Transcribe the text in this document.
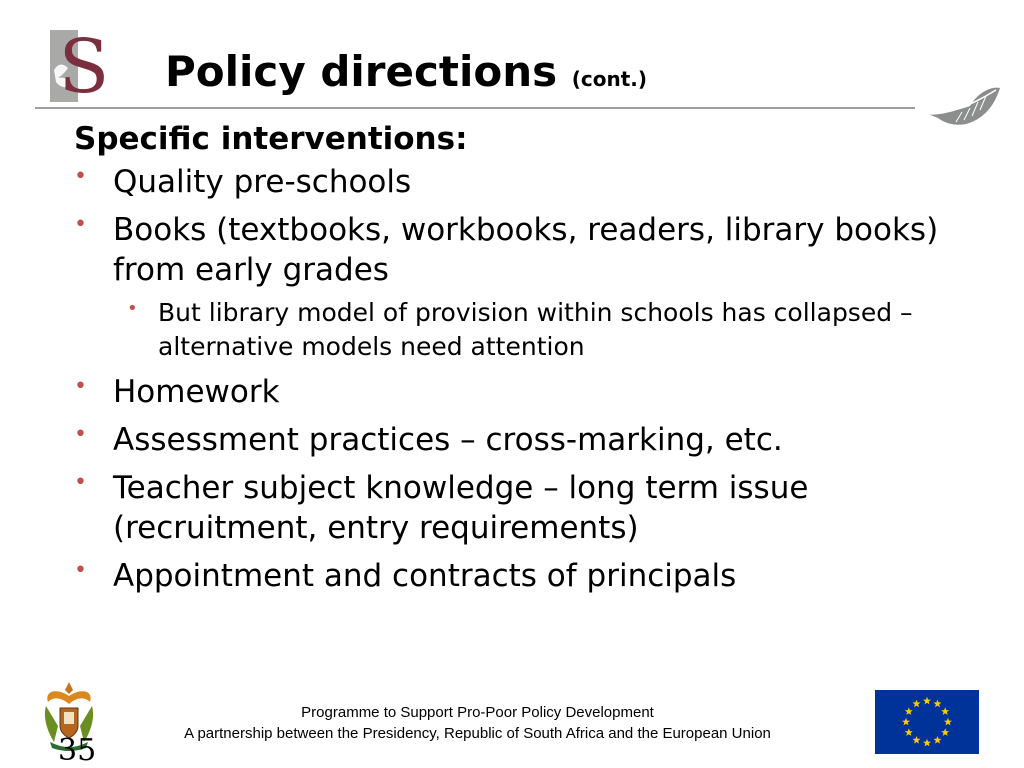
S Policy directions (cont.)

Specific interventions:

• Quality pre-schools
• Books (textbooks, workbooks, readers, library books) from early grades
• But library model of provision within schools has collapsed – alternative models need attention
• Homework
• Assessment practices – cross-marking, etc.
• Teacher subject knowledge – long term issue (recruitment, entry requirements)
• Appointment and contracts of principals
35
Programme to Support Pro-Poor Policy Development
A partnership between the Presidency, Republic of South Africa and the European Union
